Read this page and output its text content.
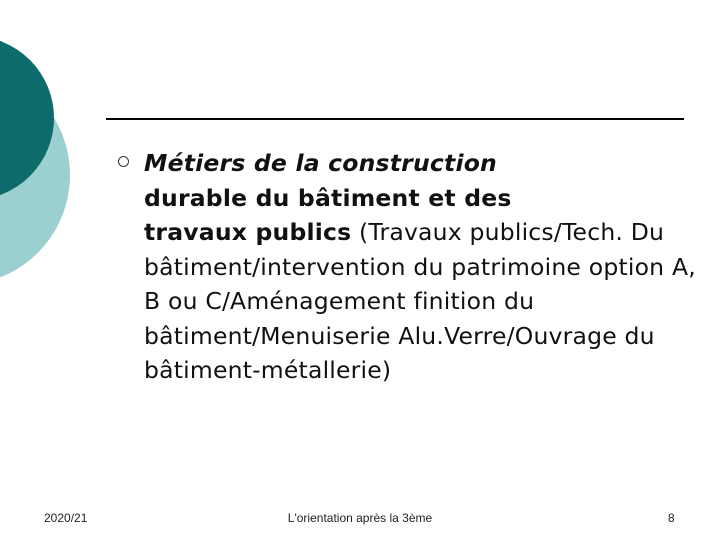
Métiers de la construction
durable du bâtiment et des
travaux publics (Travaux publics/Tech. Du bâtiment/intervention du patrimoine option A, B ou C/Aménagement finition du bâtiment/Menuiserie Alu.Verre/Ouvrage du bâtiment-métallerie)
2020/21	L'orientation après la 3ème	8
